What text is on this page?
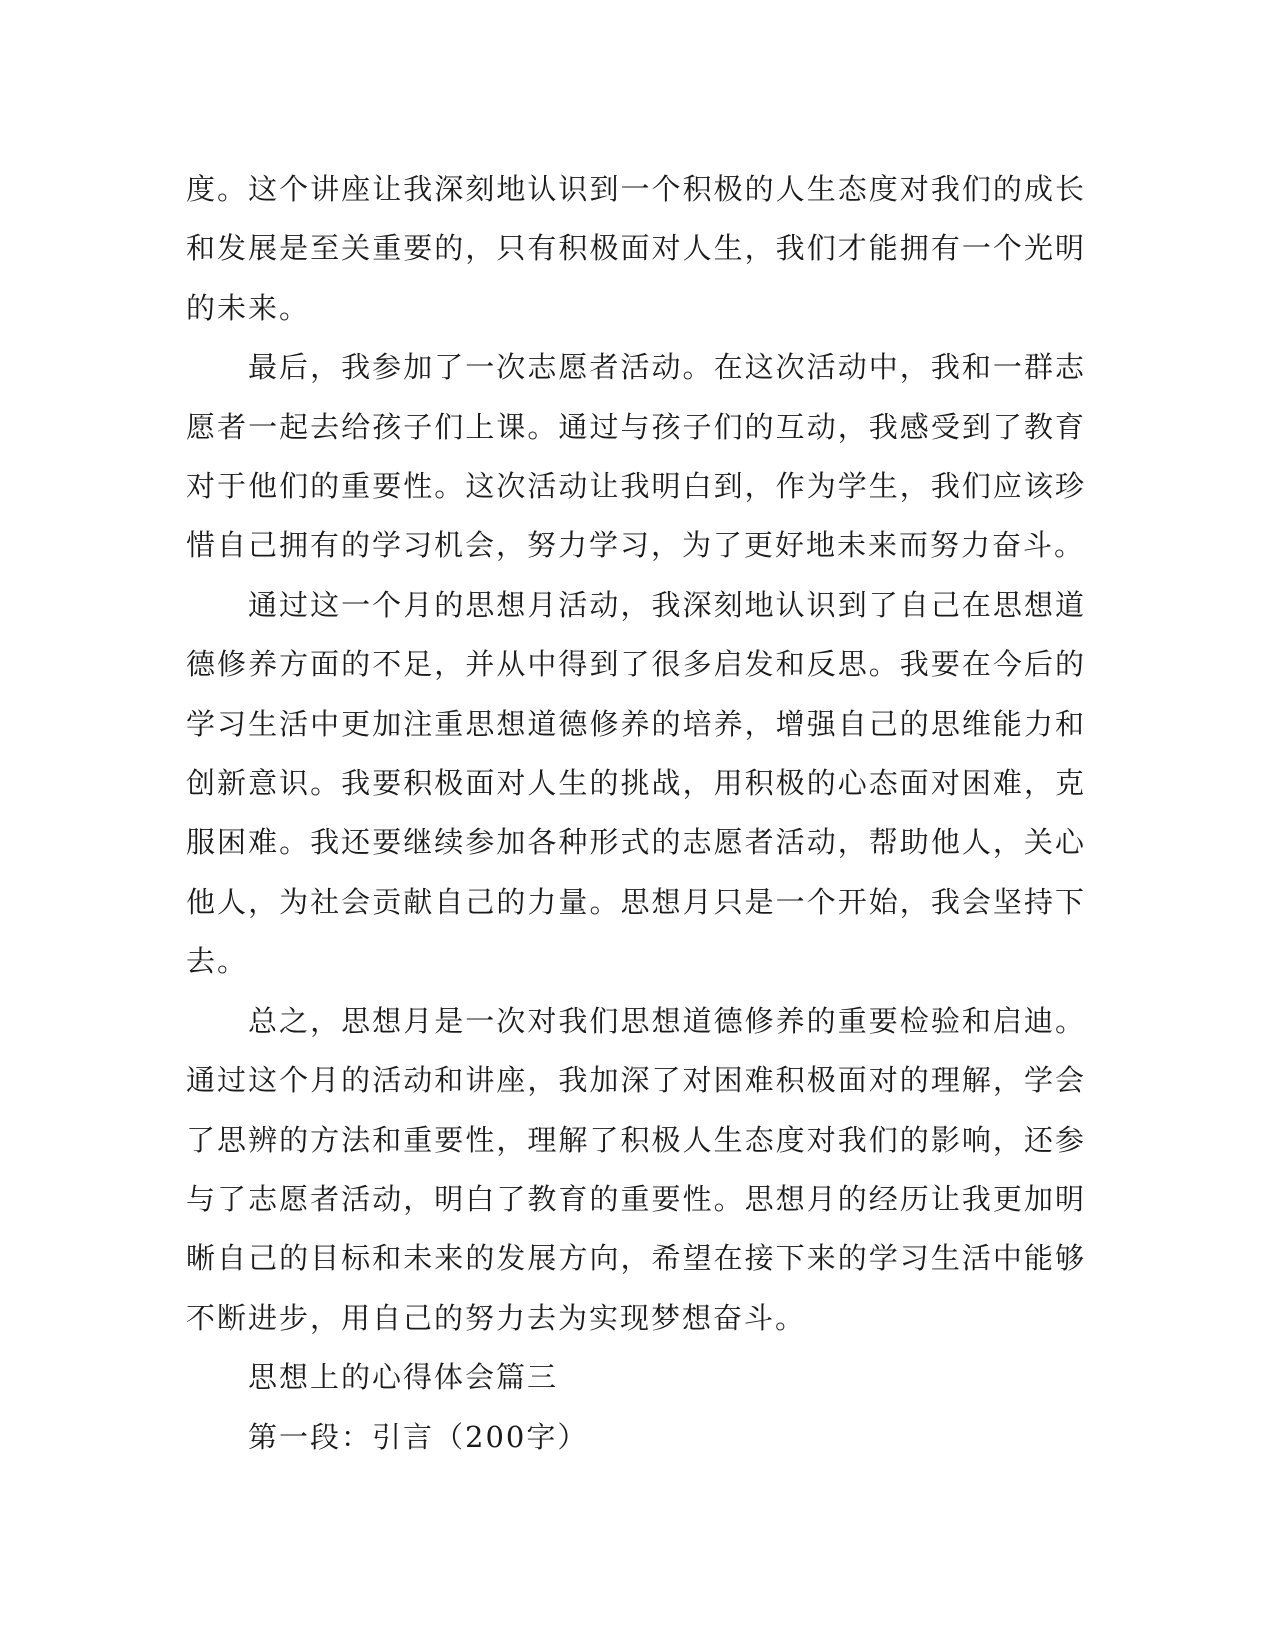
度。这个讲座让我深刻地认识到一个积极的人生态度对我们的成长和发展是至关重要的，只有积极面对人生，我们才能拥有一个光明的未来。

最后，我参加了一次志愿者活动。在这次活动中，我和一群志愿者一起去给孩子们上课。通过与孩子们的互动，我感受到了教育对于他们的重要性。这次活动让我明白到，作为学生，我们应该珍惜自己拥有的学习机会，努力学习，为了更好地未来而努力奋斗。

通过这一个月的思想月活动，我深刻地认识到了自己在思想道德修养方面的不足，并从中得到了很多启发和反思。我要在今后的学习生活中更加注重思想道德修养的培养，增强自己的思维能力和创新意识。我要积极面对人生的挑战，用积极的心态面对困难，克服困难。我还要继续参加各种形式的志愿者活动，帮助他人，关心他人，为社会贡献自己的力量。思想月只是一个开始，我会坚持下去。

总之，思想月是一次对我们思想道德修养的重要检验和启迪。通过这个月的活动和讲座，我加深了对困难积极面对的理解，学会了思辨的方法和重要性，理解了积极人生态度对我们的影响，还参与了志愿者活动，明白了教育的重要性。思想月的经历让我更加明晰自己的目标和未来的发展方向，希望在接下来的学习生活中能够不断进步，用自己的努力去为实现梦想奋斗。

思想上的心得体会篇三

第一段：引言（200字）
